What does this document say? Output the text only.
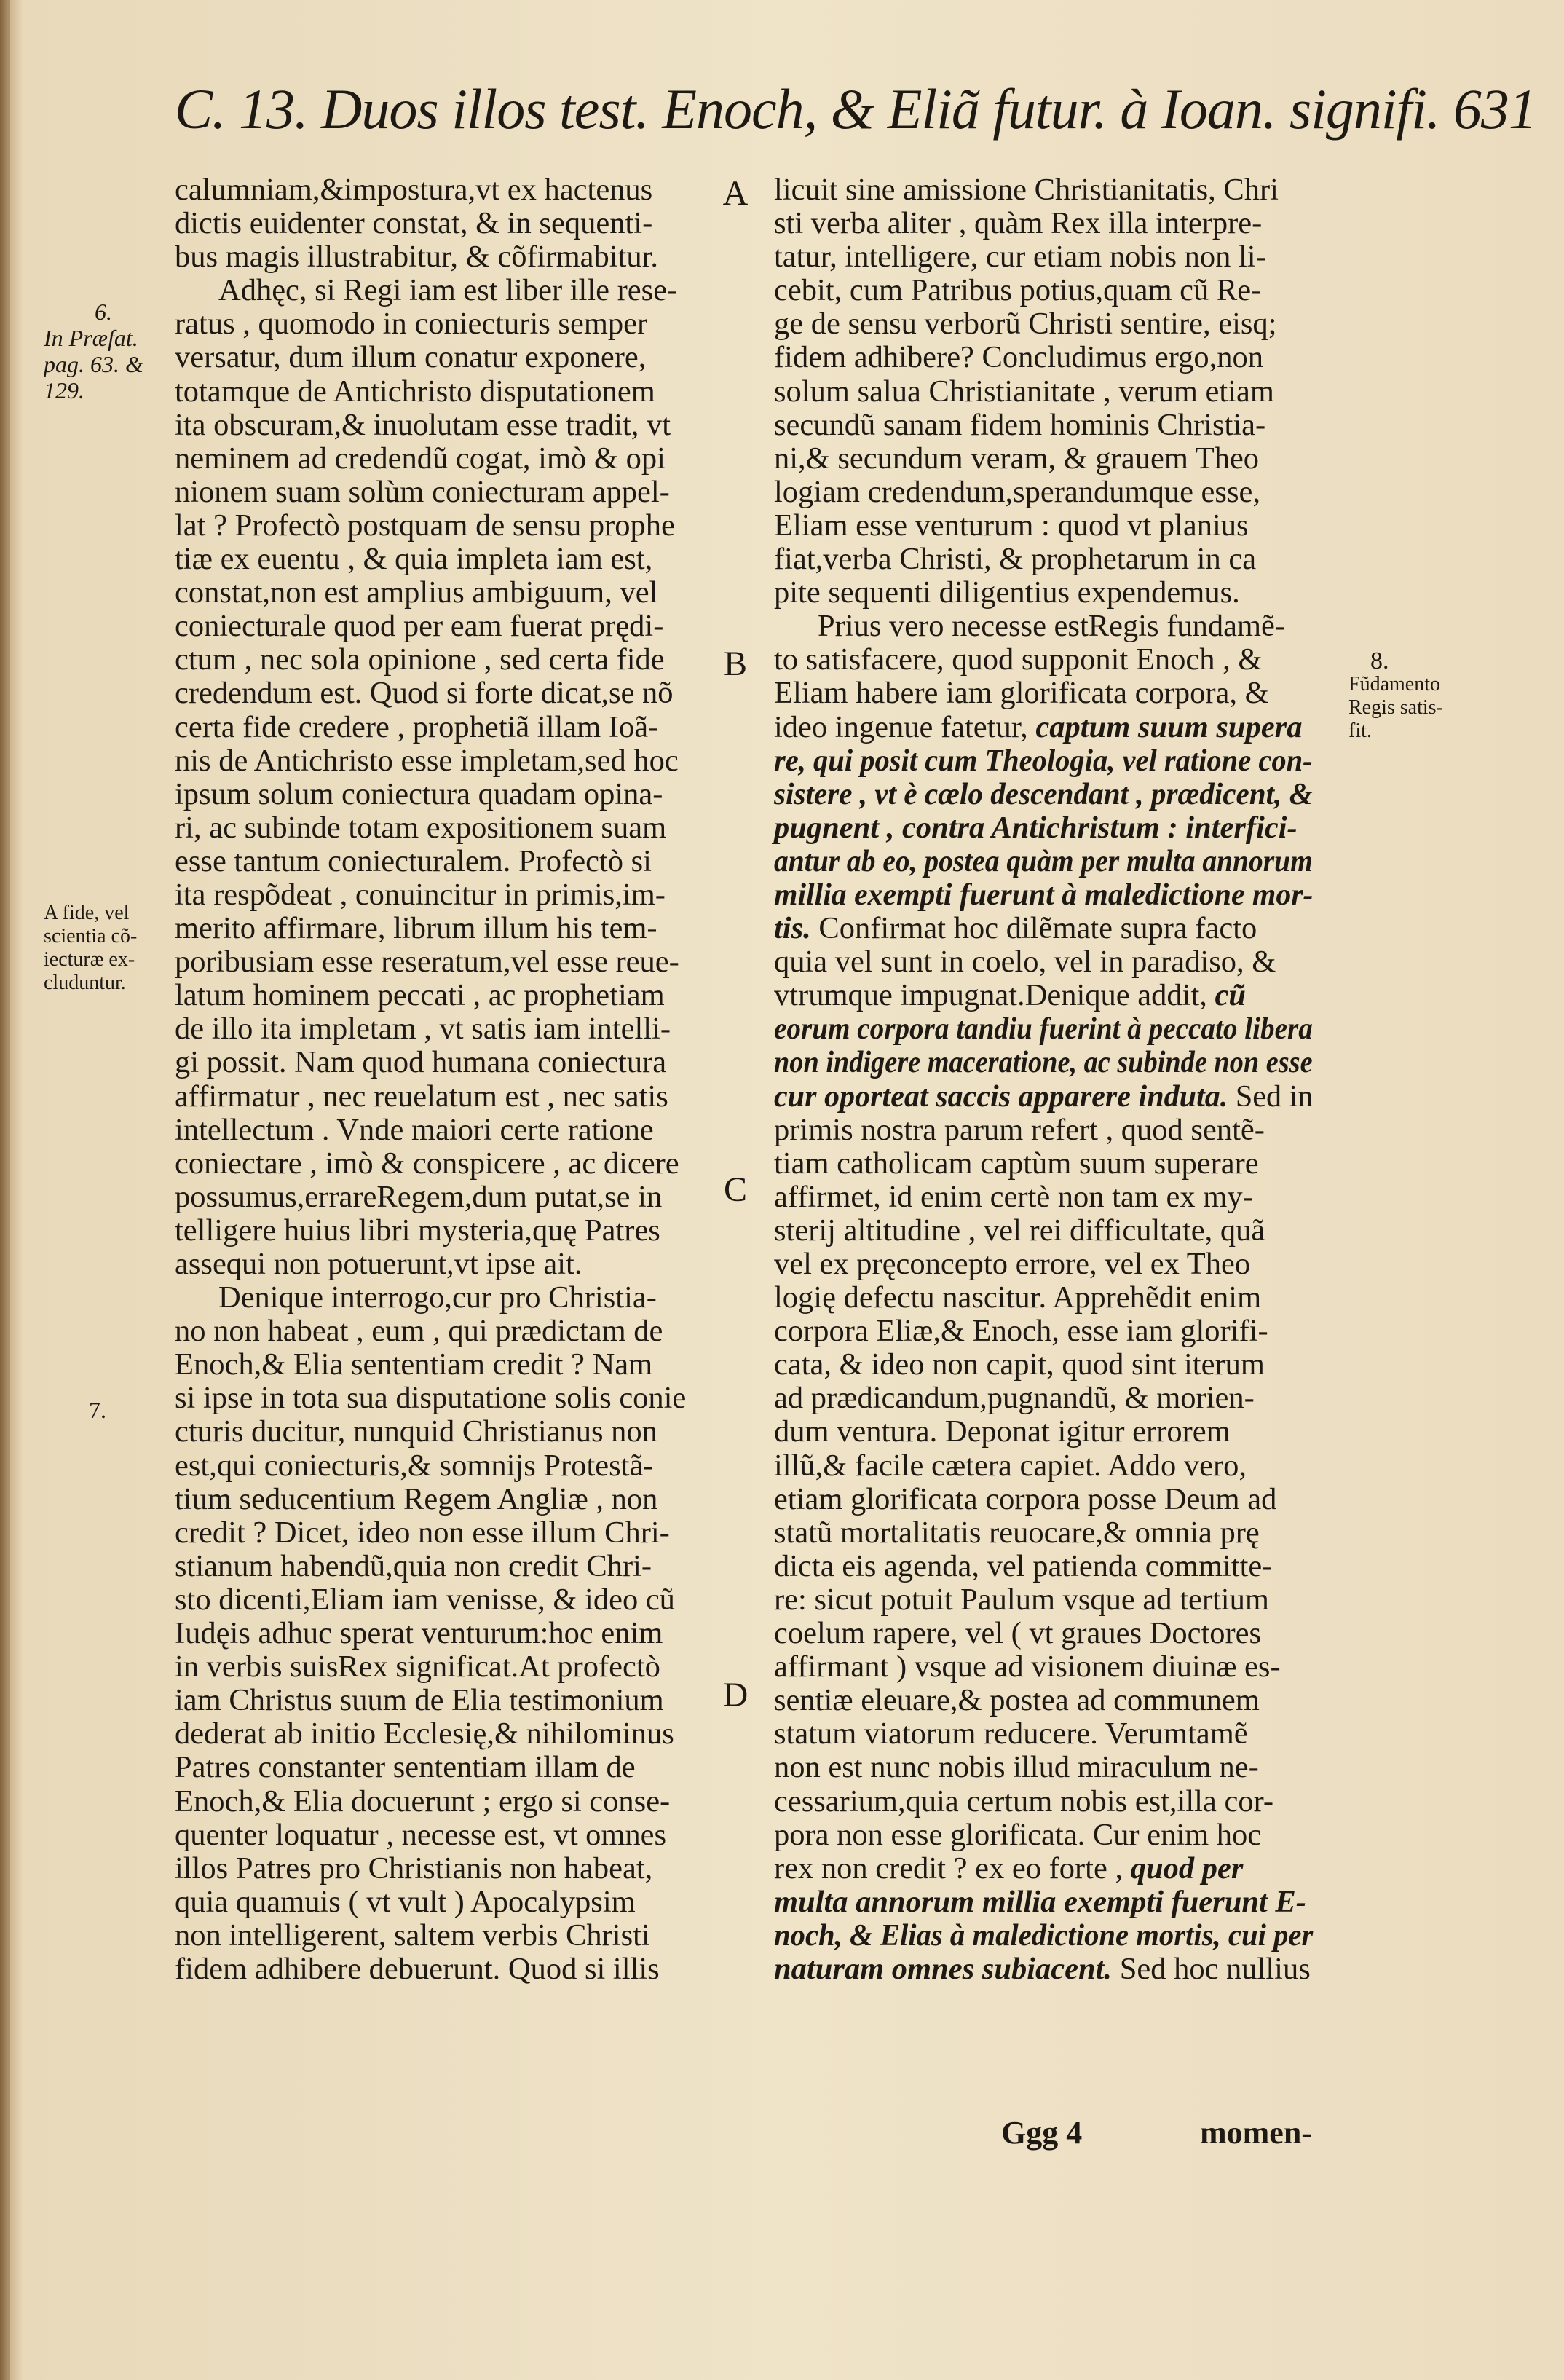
C. 13. Duos illos test. Enoch, & Eliã futur. à Ioan. signifi. 631
calumniam,&impostura,vt ex hactenus
dictis euidenter constat, & in sequenti-
bus magis illustrabitur, & cõfirmabitur.
Adhęc, si Regi iam est liber ille rese-
ratus , quomodo in coniecturis semper
versatur, dum illum conatur exponere,
totamque de Antichristo disputationem
ita obscuram,& inuolutam esse tradit, vt
neminem ad credendũ cogat, imò & opi
nionem suam solùm coniecturam appel-
lat ? Profectò postquam de sensu prophe
tiæ ex euentu , & quia impleta iam est,
constat,non est amplius ambiguum, vel
coniecturale quod per eam fuerat prędi-
ctum , nec sola opinione , sed certa fide
credendum est. Quod si forte dicat,se nõ
certa fide credere , prophetiã illam Ioã-
nis de Antichristo esse impletam,sed hoc
ipsum solum coniectura quadam opina-
ri, ac subinde totam expositionem suam
esse tantum coniecturalem. Profectò si
ita respõdeat , conuincitur in primis,im-
merito affirmare, librum illum his tem-
poribusiam esse reseratum,vel esse reue-
latum hominem peccati , ac prophetiam
de illo ita impletam , vt satis iam intelli-
gi possit. Nam quod humana coniectura
affirmatur , nec reuelatum est , nec satis
intellectum . Vnde maiori certe ratione
coniectare , imò & conspicere , ac dicere
possumus,errareRegem,dum putat,se in
telligere huius libri mysteria,quę Patres
assequi non potuerunt,vt ipse ait.
Denique interrogo,cur pro Christia-
no non habeat , eum , qui prædictam de
Enoch,& Elia sententiam credit ? Nam
si ipse in tota sua disputatione solis conie
cturis ducitur, nunquid Christianus non
est,qui coniecturis,& somnijs Protestã-
tium seducentium Regem Angliæ , non
credit ? Dicet, ideo non esse illum Chri-
stianum habendũ,quia non credit Chri-
sto dicenti,Eliam iam venisse, & ideo cũ
Iudęis adhuc sperat venturum:hoc enim
in verbis suisRex significat.At profectò
iam Christus suum de Elia testimonium
dederat ab initio Ecclesię,& nihilominus
Patres constanter sententiam illam de
Enoch,& Elia docuerunt ; ergo si conse-
quenter loquatur , necesse est, vt omnes
illos Patres pro Christianis non habeat,
quia quamuis ( vt vult ) Apocalypsim
non intelligerent, saltem verbis Christi
fidem adhibere debuerunt. Quod si illis
licuit sine amissione Christianitatis, Chri
sti verba aliter , quàm Rex illa interpre-
tatur, intelligere, cur etiam nobis non li-
cebit, cum Patribus potius,quam cũ Re-
ge de sensu verborũ Christi sentire, eisq;
fidem adhibere? Concludimus ergo,non
solum salua Christianitate , verum etiam
secundũ sanam fidem hominis Christia-
ni,& secundum veram, & grauem Theo
logiam credendum,sperandumque esse,
Eliam esse venturum : quod vt planius
fiat,verba Christi, & prophetarum in ca
pite sequenti diligentius expendemus.
Prius vero necesse estRegis fundamẽ-
to satisfacere, quod supponit Enoch , &
Eliam habere iam glorificata corpora, &
ideo ingenue fatetur, captum suum supera
re, qui posit cum Theologia, vel ratione con-
sistere , vt è cælo descendant , prædicent, &
pugnent , contra Antichristum : interfici-
antur ab eo, postea quàm per multa annorum
millia exempti fuerunt à maledictione mor-
tis. Confirmat hoc dilẽmate supra facto
quia vel sunt in coelo, vel in paradiso, &
vtrumque impugnat.Denique addit, cũ
eorum corpora tandiu fuerint à peccato libera
non indigere maceratione, ac subinde non esse
cur oporteat saccis apparere induta. Sed in
primis nostra parum refert , quod sentẽ-
tiam catholicam captùm suum superare
affirmet, id enim certè non tam ex my-
sterij altitudine , vel rei difficultate, quã
vel ex pręconcepto errore, vel ex Theo
logię defectu nascitur. Apprehẽdit enim
corpora Eliæ,& Enoch, esse iam glorifi-
cata, & ideo non capit, quod sint iterum
ad prædicandum,pugnandũ, & morien-
dum ventura. Deponat igitur errorem
illũ,& facile cætera capiet. Addo vero,
etiam glorificata corpora posse Deum ad
statũ mortalitatis reuocare,& omnia prę
dicta eis agenda, vel patienda committe-
re: sicut potuit Paulum vsque ad tertium
coelum rapere, vel ( vt graues Doctores
affirmant ) vsque ad visionem diuinæ es-
sentiæ eleuare,& postea ad communem
statum viatorum reducere. Verumtamẽ
non est nunc nobis illud miraculum ne-
cessarium,quia certum nobis est,illa cor-
pora non esse glorificata. Cur enim hoc
rex non credit ? ex eo forte , quod per
multa annorum millia exempti fuerunt E-
noch, & Elias à maledictione mortis, cui per
naturam omnes subiacent. Sed hoc nullius
A
B
C
D
6.
In Præfat.
pag. 63. &
129.
A fide, vel
scientia cõ-
iecturæ ex-
cluduntur.
7.
8.
Fũdamento
Regis satis-
fit.
Ggg 4	momen-
